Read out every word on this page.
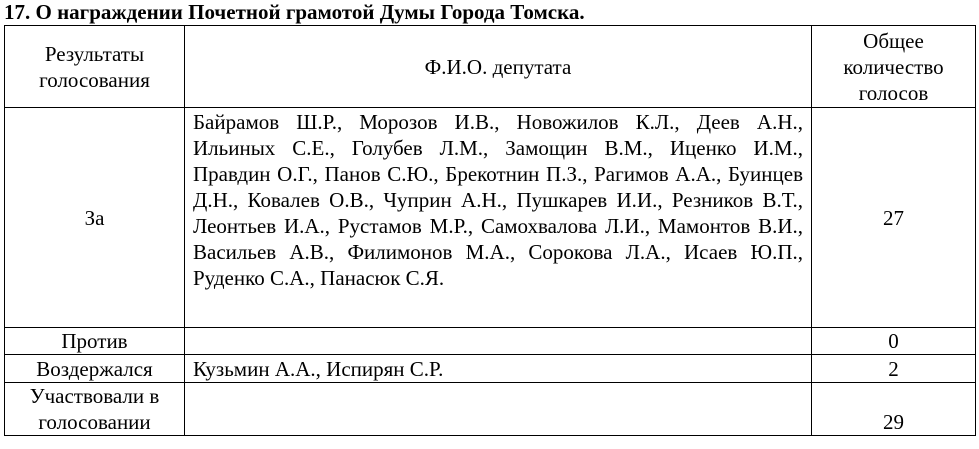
17. О награждении Почетной грамотой Думы Города Томска.
Результаты голосования	Ф.И.О. депутата	Общее количество голосов
За	Байрамов Ш.Р., Морозов И.В., Новожилов К.Л., Деев А.Н., Ильиных С.Е., Голубев Л.М., Замощин В.М., Иценко И.М., Правдин О.Г., Панов С.Ю., Брекотнин П.З., Рагимов А.А., Буинцев Д.Н., Ковалев О.В., Чуприн А.Н., Пушкарев И.И., Резников В.Т., Леонтьев И.А., Рустамов М.Р., Самохвалова Л.И., Мамонтов В.И., Васильев А.В., Филимонов М.А., Сорокова Л.А., Исаев Ю.П., Руденко С.А., Панасюк С.Я.	27
Против		0
Воздержался	Кузьмин А.А., Испирян С.Р.	2
Участвовали в голосовании		29
